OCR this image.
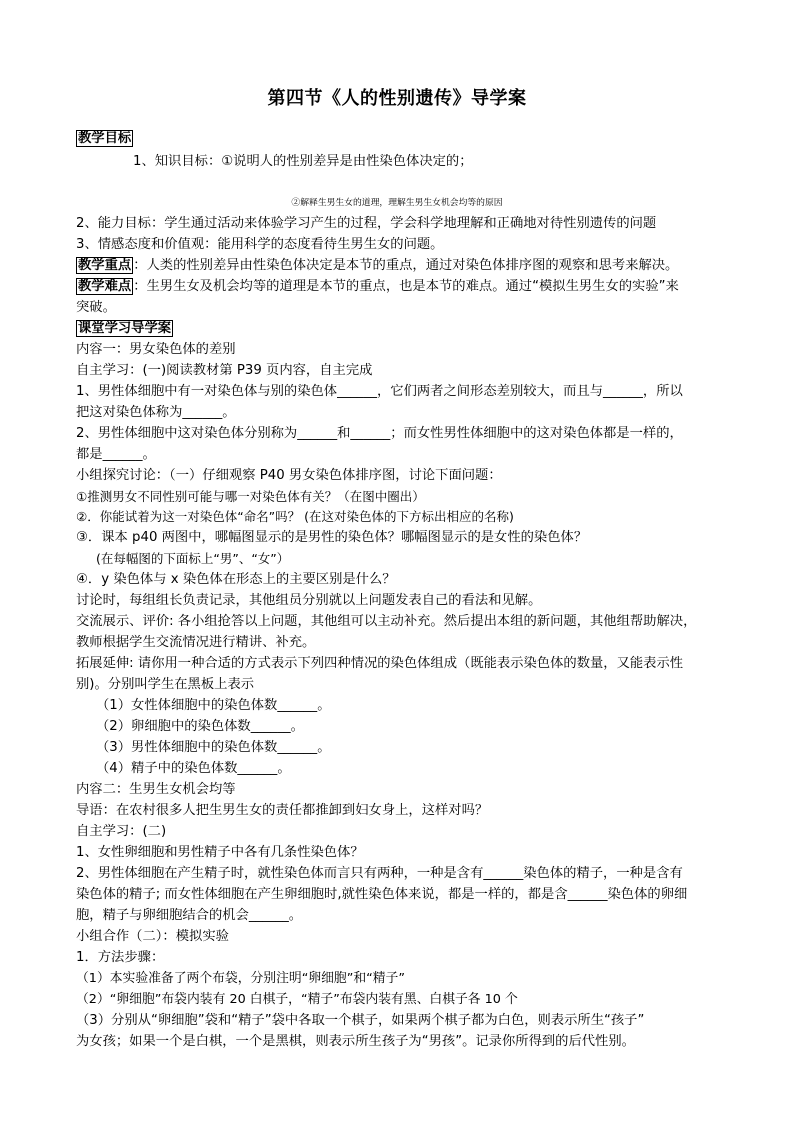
第四节《人的性别遗传》导学案
教学目标
1、知识目标：①说明人的性别差异是由性染色体决定的；
②解释生男生女的道理，理解生男生女机会均等的原因
2、能力目标：学生通过活动来体验学习产生的过程，学会科学地理解和正确地对待性别遗传的问题
3、情感态度和价值观：能用科学的态度看待生男生女的问题。
教学重点 ：人类的性别差异由性染色体决定是本节的重点，通过对染色体排序图的观察和思考来解决。
教学难点 ：生男生女及机会均等的道理是本节的重点，也是本节的难点。通过“模拟生男生女的实验”来
突破。
课堂学习导学案
内容一：男女染色体的差别
自主学习：(一)阅读教材第 P39 页内容，自主完成
1、男性体细胞中有一对染色体与别的染色体______，它们两者之间形态差别较大，而且与______，所以
把这对染色体称为______。
2、男性体细胞中这对染色体分别称为______和______；而女性男性体细胞中的这对染色体都是一样的，
都是______。
小组探究讨论：（一）仔细观察 P40 男女染色体排序图，讨论下面问题：
①推测男女不同性别可能与哪一对染色体有关？（在图中圈出）
②．你能试着为这一对染色体“命名”吗？ (在这对染色体的下方标出相应的名称)
③．课本 p40 两图中，哪幅图显示的是男性的染色体？哪幅图显示的是女性的染色体？
(在每幅图的下面标上“男”、“女”）
④．y 染色体与 x 染色体在形态上的主要区别是什么？
讨论时，每组组长负责记录，其他组员分别就以上问题发表自己的看法和见解。
交流展示、评价: 各小组抢答以上问题，其他组可以主动补充。然后提出本组的新问题，其他组帮助解决，
教师根据学生交流情况进行精讲、补充。
拓展延伸: 请你用一种合适的方式表示下列四种情况的染色体组成（既能表示染色体的数量，又能表示性
别)。分别叫学生在黑板上表示
（1）女性体细胞中的染色体数______。
（2）卵细胞中的染色体数______。
（3）男性体细胞中的染色体数______。
（4）精子中的染色体数______。
内容二：生男生女机会均等
导语：在农村很多人把生男生女的责任都推卸到妇女身上，这样对吗？
自主学习：(二)
1、女性卵细胞和男性精子中各有几条性染色体？
2、男性体细胞在产生精子时，就性染色体而言只有两种，一种是含有______染色体的精子，一种是含有
染色体的精子; 而女性体细胞在产生卵细胞时,就性染色体来说，都是一样的，都是含______染色体的卵细
胞，精子与卵细胞结合的机会______。
小组合作（二）：模拟实验
1．方法步骤：
（1）本实验准备了两个布袋，分别注明“卵细胞”和“精子”
（2）“卵细胞”布袋内装有 20 白棋子，“精子”布袋内装有黑、白棋子各 10 个
（3）分别从“卵细胞”袋和“精子”袋中各取一个棋子，如果两个棋子都为白色，则表示所生“孩子”
为女孩；如果一个是白棋，一个是黑棋，则表示所生孩子为“男孩”。记录你所得到的后代性别。
